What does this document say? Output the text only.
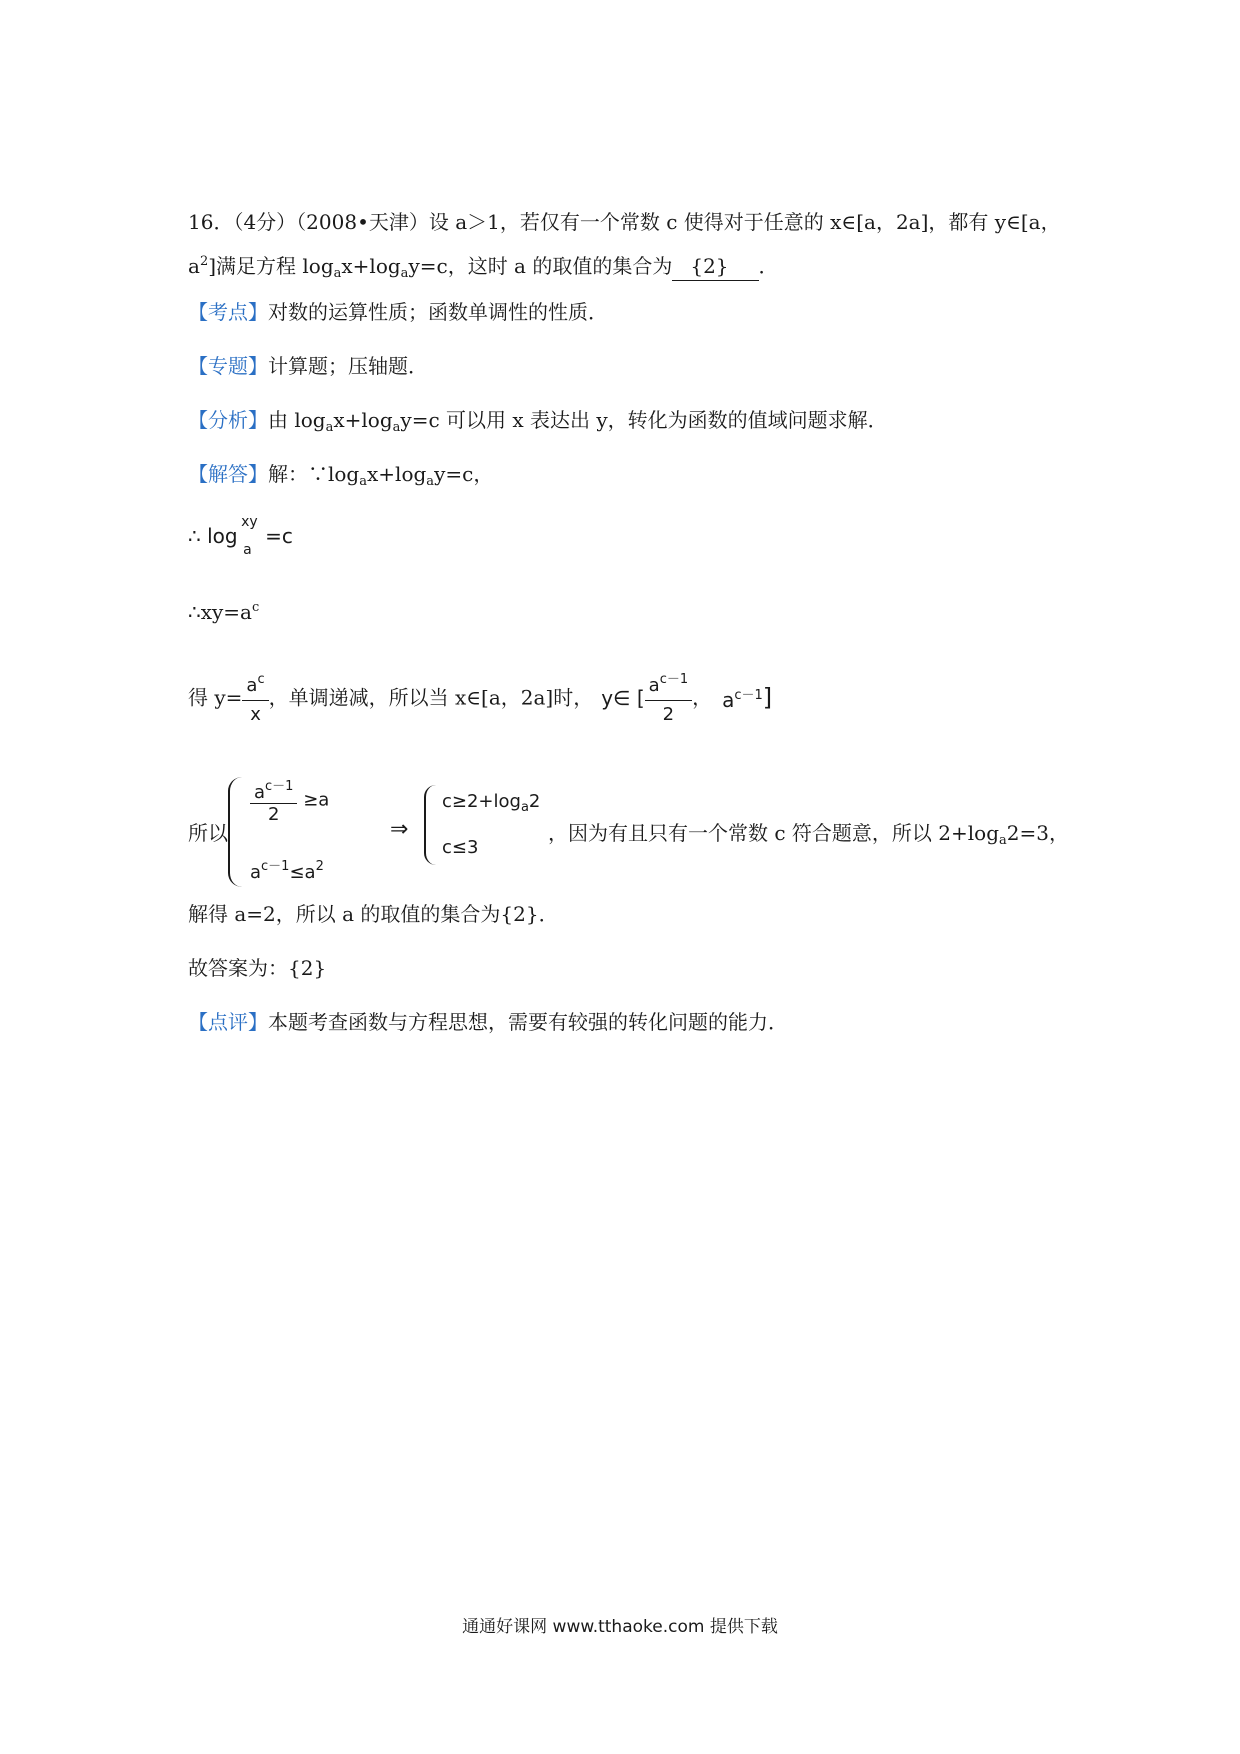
16．（4分）（2008•天津）设 a＞1，若仅有一个常数 c 使得对于任意的 x∈[a，2a]，都有 y∈[a，
$a^2$]满足方程 $\log_ax+\log_ay=c$，这时 a 的取值的集合为 {2} ．
【考点】对数的运算性质；函数单调性的性质．
【专题】计算题；压轴题．
【分析】由 $\log_ax+\log_ay=c$ 可以用 x 表达出 y，转化为函数的值域问题求解．
【解答】解：$\because\log_ax+\log_ay=c$，
∴ log
xy
a
=c
$\therefore xy=a^c$
得 $y= \frac{a^c}{x}$ ，单调递减，所以当 x∈[a，2a]时， y∈ [ $\frac{a^{c-1}}{2}$ ， $a^{c-1}$]
所以
$\frac{a^{c-1}}{2} \ge a$
$a^{c-1}\le a^2$
⇒
$c\ge 2+\log_a2$
c≤3
，因为有且只有一个常数 c 符合题意，所以 $2+\log_a2=3$，
解得 a=2，所以 a 的取值的集合为{2}．
故答案为：{2}
【点评】本题考查函数与方程思想，需要有较强的转化问题的能力．
通通好课网 www.tthaoke.com 提供下载
